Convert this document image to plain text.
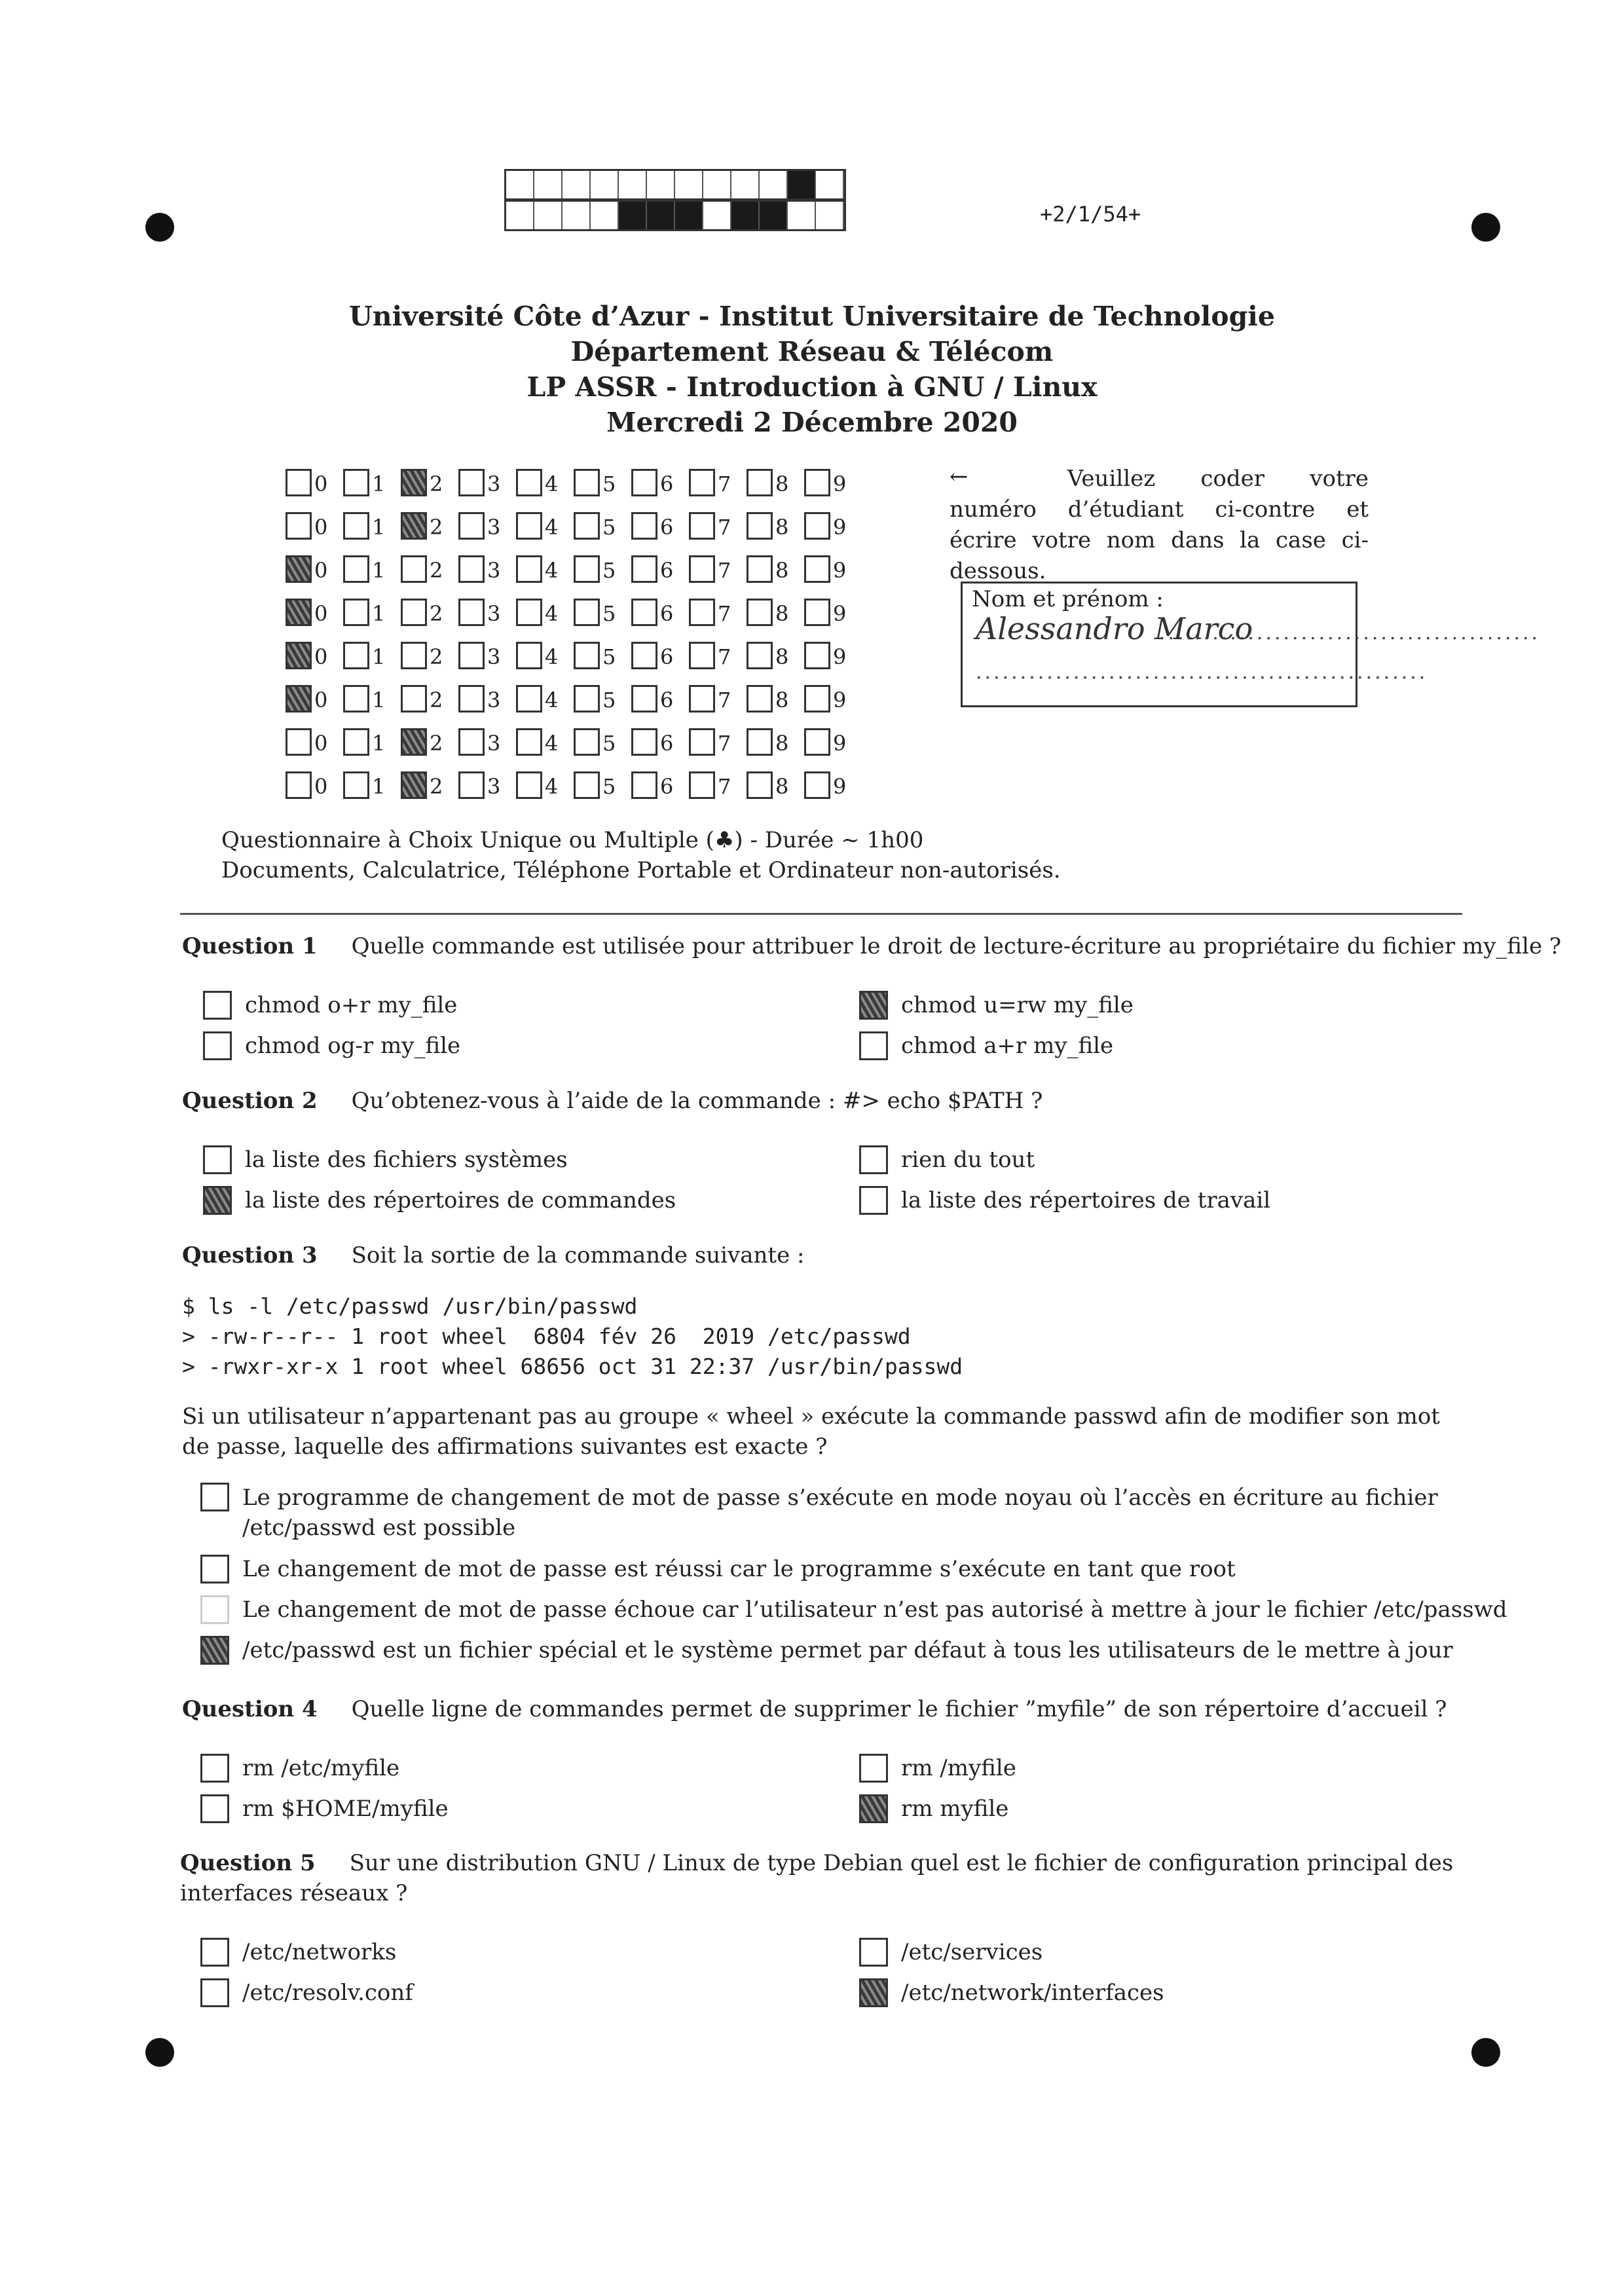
+2/1/54+
Université Côte d’Azur - Institut Universitaire de Technologie
Département Réseau & Télécom
LP ASSR - Introduction à GNU / Linux
Mercredi 2 Décembre 2020
0 1 2 3 4 5 6 7 8 9
0 1 2 3 4 5 6 7 8 9
0 1 2 3 4 5 6 7 8 9
0 1 2 3 4 5 6 7 8 9
0 1 2 3 4 5 6 7 8 9
0 1 2 3 4 5 6 7 8 9
0 1 2 3 4 5 6 7 8 9
0 1 2 3 4 5 6 7 8 9
←	Veuillez coder votre numéro d’étudiant ci-contre et écrire votre nom dans la case ci-dessous.
Nom et prénom :
Alessandro Marco
...........................................
...................................................
Questionnaire à Choix Unique ou Multiple (♣) - Durée ~ 1h00
Documents, Calculatrice, Téléphone Portable et Ordinateur non-autorisés.
Question 1 Quelle commande est utilisée pour attribuer le droit de lecture-écriture au propriétaire du fichier my_file ?
chmod o+r my_file
chmod og-r my_file
chmod u=rw my_file
chmod a+r my_file
Question 2 Qu’obtenez-vous à l’aide de la commande : #> echo $PATH ?
la liste des fichiers systèmes
la liste des répertoires de commandes
rien du tout
la liste des répertoires de travail
Question 3 Soit la sortie de la commande suivante :
$ ls -l /etc/passwd /usr/bin/passwd
> -rw-r--r-- 1 root wheel  6804 fév 26  2019 /etc/passwd
> -rwxr-xr-x 1 root wheel 68656 oct 31 22:37 /usr/bin/passwd
Si un utilisateur n’appartenant pas au groupe « wheel » exécute la commande passwd afin de modifier son mot de passe, laquelle des affirmations suivantes est exacte ?
Le programme de changement de mot de passe s’exécute en mode noyau où l’accès en écriture au fichier /etc/passwd est possible
Le changement de mot de passe est réussi car le programme s’exécute en tant que root
Le changement de mot de passe échoue car l’utilisateur n’est pas autorisé à mettre à jour le fichier /etc/passwd
/etc/passwd est un fichier spécial et le système permet par défaut à tous les utilisateurs de le mettre à jour
Question 4 Quelle ligne de commandes permet de supprimer le fichier ”myfile” de son répertoire d’accueil ?
rm /etc/myfile
rm $HOME/myfile
rm /myfile
rm myfile
Question 5 Sur une distribution GNU / Linux de type Debian quel est le fichier de configuration principal des interfaces réseaux ?
/etc/networks
/etc/resolv.conf
/etc/services
/etc/network/interfaces
